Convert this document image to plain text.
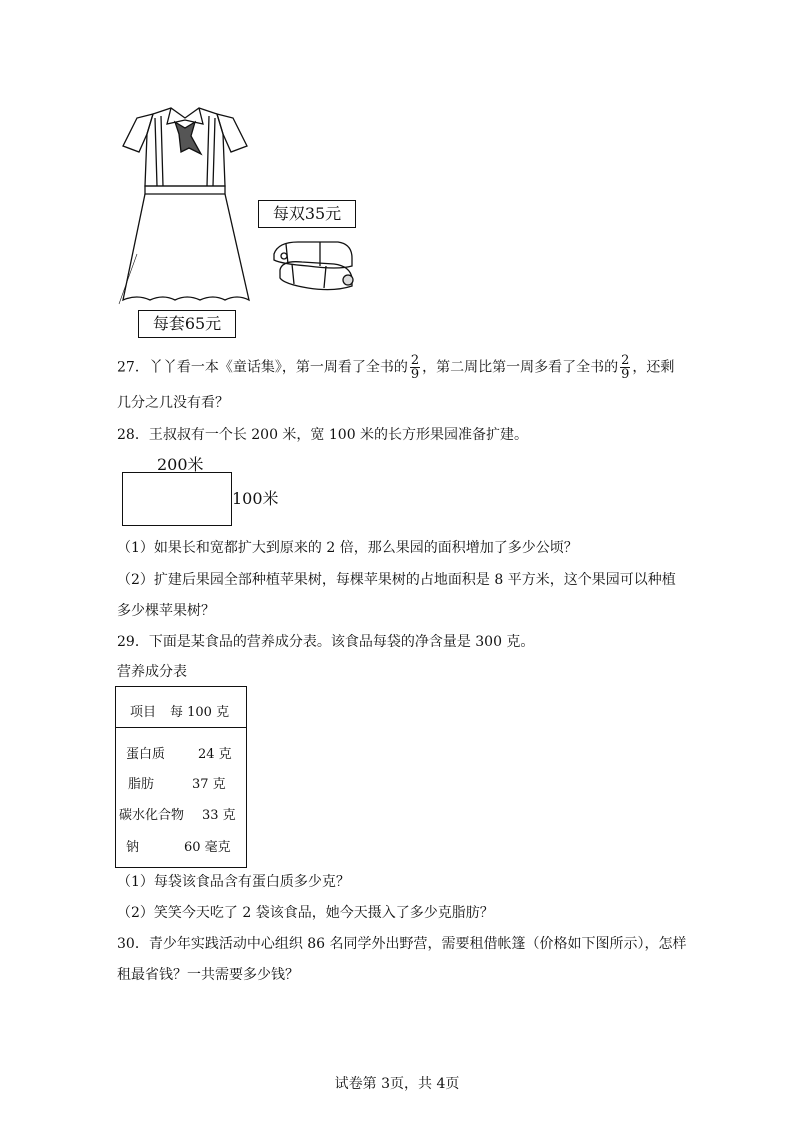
每套65元
每双35元
27．丫丫看一本《童话集》，第一周看了全书的 $\frac{2}{9}$ ，第二周比第一周多看了全书的 $\frac{2}{9}$ ，还剩
几分之几没有看？
28．王叔叔有一个长 200 米，宽 100 米的长方形果园准备扩建。
200米
100米
（1）如果长和宽都扩大到原来的 2 倍，那么果园的面积增加了多少公顷？
（2）扩建后果园全部种植苹果树，每棵苹果树的占地面积是 8 平方米，这个果园可以种植
多少棵苹果树？
29．下面是某食品的营养成分表。该食品每袋的净含量是 300 克。
营养成分表
项目 每 100 克
蛋白质	24 克
脂肪	37 克
碳水化合物 33 克
钠	60 毫克
（1）每袋该食品含有蛋白质多少克？
（2）笑笑今天吃了 2 袋该食品，她今天摄入了多少克脂肪？
30．青少年实践活动中心组织 86 名同学外出野营，需要租借帐篷（价格如下图所示），怎样
租最省钱？一共需要多少钱？
试卷第 3页，共 4页
